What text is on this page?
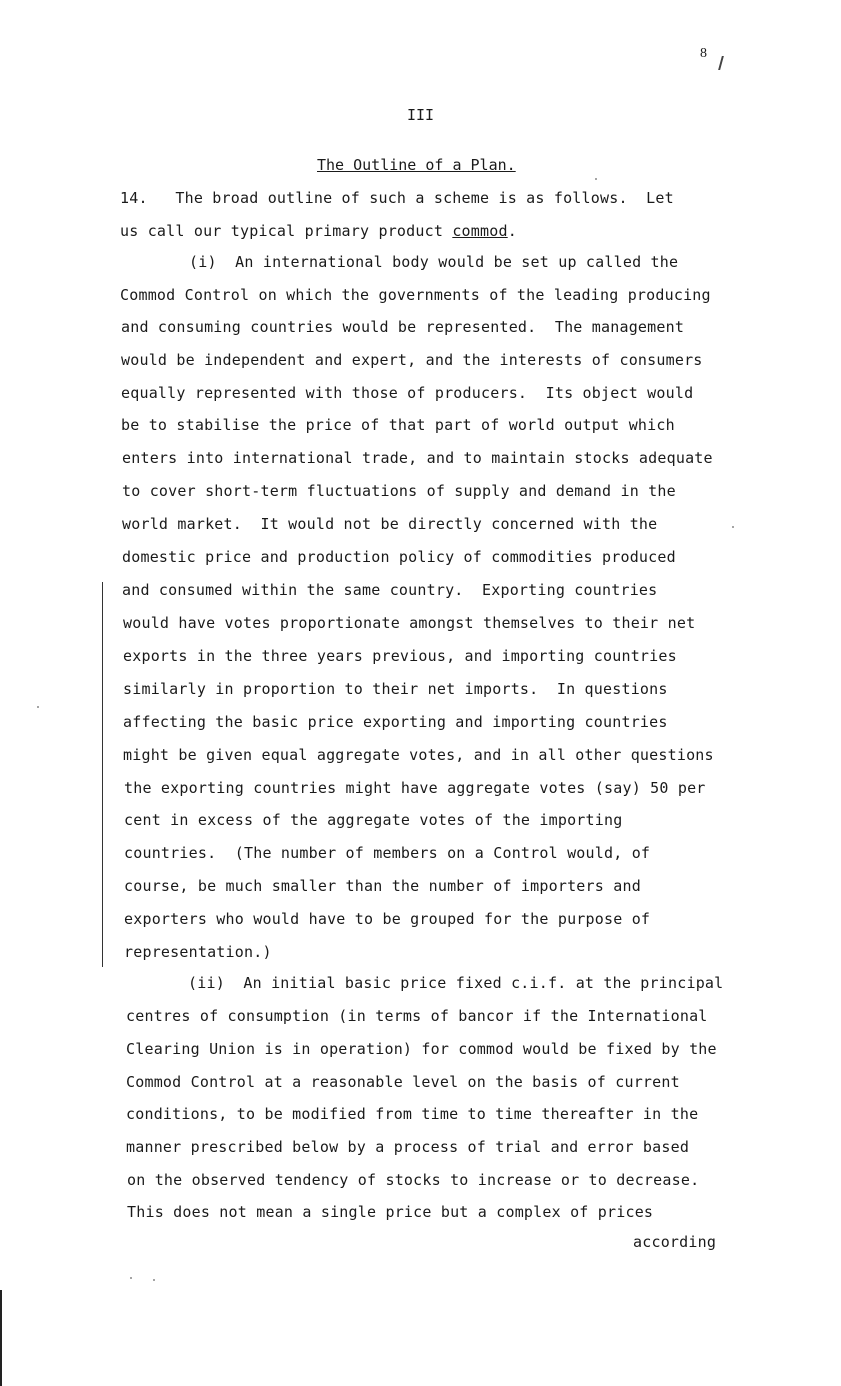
8
III
The Outline of a Plan.
14.   The broad outline of such a scheme is as follows.  Let
us call our typical primary product commod.
(i)  An international body would be set up called the
Commod Control on which the governments of the leading producing
and consuming countries would be represented.  The management
would be independent and expert, and the interests of consumers
equally represented with those of producers.  Its object would
be to stabilise the price of that part of world output which
enters into international trade, and to maintain stocks adequate
to cover short-term fluctuations of supply and demand in the
world market.  It would not be directly concerned with the
domestic price and production policy of commodities produced
and consumed within the same country.  Exporting countries
would have votes proportionate amongst themselves to their net
exports in the three years previous, and importing countries
similarly in proportion to their net imports.  In questions
affecting the basic price exporting and importing countries
might be given equal aggregate votes, and in all other questions
the exporting countries might have aggregate votes (say) 50 per
cent in excess of the aggregate votes of the importing
countries.  (The number of members on a Control would, of
course, be much smaller than the number of importers and
exporters who would have to be grouped for the purpose of
representation.)
(ii)  An initial basic price fixed c.i.f. at the principal
centres of consumption (in terms of bancor if the International
Clearing Union is in operation) for commod would be fixed by the
Commod Control at a reasonable level on the basis of current
conditions, to be modified from time to time thereafter in the
manner prescribed below by a process of trial and error based
on the observed tendency of stocks to increase or to decrease.
This does not mean a single price but a complex of prices
according
